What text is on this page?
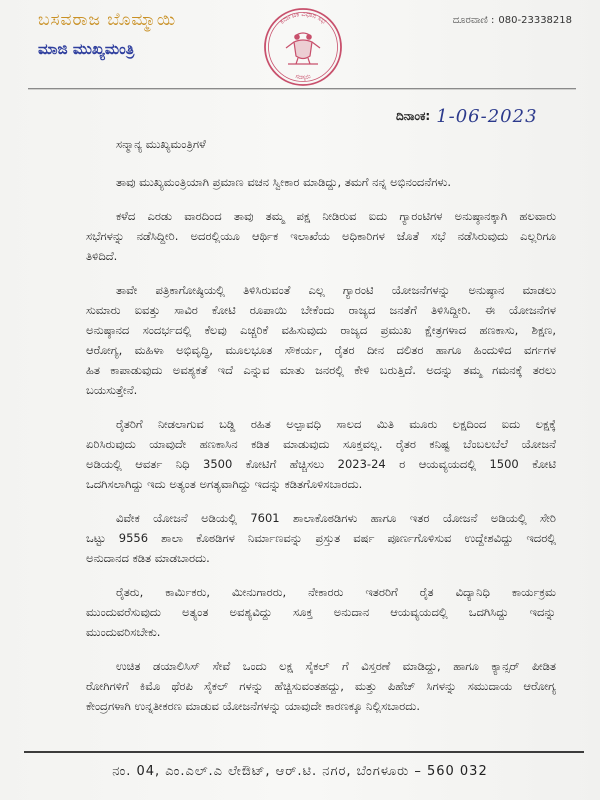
ಬಸವರಾಜ ಬೊಮ್ಮಾಯಿ
ಮಾಜಿ ಮುಖ್ಯಮಂತ್ರಿ
ಕರ್ನಾಟಕ ವಿಧಾನ ಸಭೆ
ಸದಸ್ಯರು
ದೂರವಾಣಿ : 080-23338218
ದಿನಾಂಕ: 1-06-2023
ಸನ್ಮಾನ್ಯ ಮುಖ್ಯಮಂತ್ರಿಗಳೆ
ತಾವು ಮುಖ್ಯಮಂತ್ರಿಯಾಗಿ ಪ್ರಮಾಣ ವಚನ ಸ್ವೀಕಾರ ಮಾಡಿದ್ದು, ತಮಗೆ ನನ್ನ ಅಭಿನಂದನೆಗಳು.
ಕಳೆದ ಎರಡು ವಾರದಿಂದ ತಾವು ತಮ್ಮ ಪಕ್ಷ ನೀಡಿರುವ ಐದು ಗ್ಯಾರಂಟಿಗಳ ಅನುಷ್ಠಾನಕ್ಕಾಗಿ ಹಲವಾರು
ಸಭೆಗಳನ್ನು ನಡೆಸಿದ್ದೀರಿ. ಅದರಲ್ಲಿಯೂ ಆರ್ಥಿಕ ಇಲಾಖೆಯ ಅಧಿಕಾರಿಗಳ ಜೊತೆ ಸಭೆ ನಡೆಸಿರುವುದು ಎಲ್ಲರಿಗೂ
ತಿಳಿದಿದೆ.
ತಾವೇ ಪತ್ರಿಕಾಗೋಷ್ಠಿಯಲ್ಲಿ ತಿಳಿಸಿರುವಂತೆ ಎಲ್ಲ ಗ್ಯಾರಂಟಿ ಯೋಜನೆಗಳನ್ನು ಅನುಷ್ಠಾನ ಮಾಡಲು
ಸುಮಾರು ಐವತ್ತು ಸಾವಿರ ಕೋಟಿ ರೂಪಾಯಿ ಬೇಕೆಂದು ರಾಜ್ಯದ ಜನತೆಗೆ ತಿಳಿಸಿದ್ದೀರಿ. ಈ ಯೋಜನೆಗಳ
ಅನುಷ್ಠಾನದ ಸಂದರ್ಭದಲ್ಲಿ ಕೆಲವು ಎಚ್ಚರಿಕೆ ವಹಿಸುವುದು ರಾಜ್ಯದ ಪ್ರಮುಖ ಕ್ಷೇತ್ರಗಳಾದ ಹಣಕಾಸು, ಶಿಕ್ಷಣ,
ಆರೋಗ್ಯ, ಮಹಿಳಾ ಅಭಿವೃದ್ಧಿ, ಮೂಲಭೂತ ಸೌಕರ್ಯ, ರೈತರ ದೀನ ದಲಿತರ ಹಾಗೂ ಹಿಂದುಳಿದ ವರ್ಗಗಳ
ಹಿತ ಕಾಪಾಡುವುದು ಅವಶ್ಯಕತೆ ಇದೆ ಎನ್ನುವ ಮಾತು ಜನರಲ್ಲಿ ಕೇಳಿ ಬರುತ್ತಿದೆ. ಅದನ್ನು ತಮ್ಮ ಗಮನಕ್ಕೆ ತರಲು
ಬಯಸುತ್ತೇನೆ.
ರೈತರಿಗೆ ನೀಡಲಾಗುವ ಬಡ್ಡಿ ರಹಿತ ಅಲ್ಪಾವಧಿ ಸಾಲದ ಮಿತಿ ಮೂರು ಲಕ್ಷದಿಂದ ಐದು ಲಕ್ಷಕ್ಕೆ
ಏರಿಸಿರುವುದು ಯಾವುದೇ ಹಣಕಾಸಿನ ಕಡಿತ ಮಾಡುವುದು ಸೂಕ್ತವಲ್ಲ. ರೈತರ ಕನಿಷ್ಟ ಬೆಂಬಲಬೆಲೆ ಯೋಜನೆ
ಅಡಿಯಲ್ಲಿ ಆವರ್ತ ನಿಧಿ 3500 ಕೋಟಿಗೆ ಹೆಚ್ಚಿಸಲು 2023-24 ರ ಆಯವ್ಯಯದಲ್ಲಿ 1500 ಕೋಟಿ
ಒದಗಿಸಲಾಗಿದ್ದು ಇದು ಅತ್ಯಂತ ಅಗತ್ಯವಾಗಿದ್ದು ಇದನ್ನು ಕಡಿತಗೊಳಿಸಬಾರದು.
ವಿವೇಕ ಯೋಜನೆ ಅಡಿಯಲ್ಲಿ 7601 ಶಾಲಾಕೊಠಡಿಗಳು ಹಾಗೂ ಇತರ ಯೋಜನೆ ಅಡಿಯಲ್ಲಿ ಸೇರಿ
ಒಟ್ಟು 9556 ಶಾಲಾ ಕೊಠಡಿಗಳ ನಿರ್ಮಾಣವನ್ನು ಪ್ರಸ್ತುತ ವರ್ಷ ಪೂರ್ಣಗೊಳಿಸುವ ಉದ್ದೇಶವಿದ್ದು ಇದರಲ್ಲಿ
ಅನುದಾನದ ಕಡಿತ ಮಾಡಬಾರದು.
ರೈತರು, ಕಾರ್ಮಿಕರು, ಮೀನುಗಾರರು, ನೇಕಾರರು ಇತರರಿಗೆ ರೈತ ವಿದ್ಯಾನಿಧಿ ಕಾರ್ಯಕ್ರಮ
ಮುಂದುವರೆಸುವುದು ಅತ್ಯಂತ ಅವಶ್ಯವಿದ್ದು ಸೂಕ್ತ ಅನುದಾನ ಆಯವ್ಯಯದಲ್ಲಿ ಒದಗಿಸಿದ್ದು ಇದನ್ನು
ಮುಂದುವರಿಸಬೇಕು.
ಉಚಿತ ಡಯಾಲಿಸಿಸ್ ಸೇವೆ ಒಂದು ಲಕ್ಷ ಸೈಕಲ್ ಗೆ ವಿಸ್ತರಣೆ ಮಾಡಿದ್ದು, ಹಾಗೂ ಕ್ಯಾನ್ಸರ್ ಪೀಡಿತ
ರೋಗಿಗಳಿಗೆ ಕಿಮೊ ಥೆರಪಿ ಸೈಕಲ್ ಗಳನ್ನು ಹೆಚ್ಚಿಸುವಂತಹದ್ದು, ಮತ್ತು ಪಿಹೆಚ್ ಸಿಗಳನ್ನು ಸಮುದಾಯ ಆರೋಗ್ಯ
ಕೇಂದ್ರಗಳಾಗಿ ಉನ್ನತೀಕರಣ ಮಾಡುವ ಯೋಜನೆಗಳನ್ನು ಯಾವುದೇ ಕಾರಣಕ್ಕೂ ನಿಲ್ಲಿಸಬಾರದು.
ನಂ. 04, ಎಂ.ಎಲ್.ಎ ಲೇಔಟ್, ಆರ್.ಟಿ. ನಗರ, ಬೆಂಗಳೂರು – 560 032
